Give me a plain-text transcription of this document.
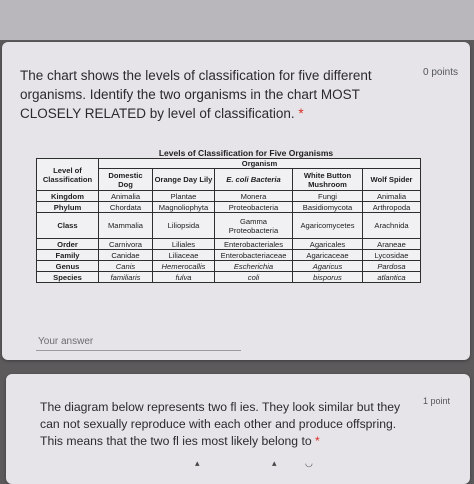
The chart shows the levels of classification for five different organisms. Identify the two organisms in the chart MOST CLOSELY RELATED by level of classification. *
0 points
Levels of Classification for Five Organisms
Level of Classification	Organism				
	Domestic Dog	Orange Day Lily	E. coli Bacteria	White Button Mushroom	Wolf Spider
Kingdom	Animalia	Plantae	Monera	Fungi	Animalia
Phylum	Chordata	Magnoliophyta	Proteobacteria	Basidiomycota	Arthropoda
Class	Mammalia	Liliopsida	Gamma Proteobacteria	Agaricomycetes	Arachnida
Order	Carnivora	Liliales	Enterobacteriales	Agaricales	Araneae
Family	Canidae	Liliaceae	Enterobacteriaceae	Agaricaceae	Lycosidae
Genus	Canis	Hemerocallis	Escherichia	Agaricus	Pardosa
Species	familiaris	fulva	coli	bisporus	atlantica
Your answer
The diagram below represents two fl ies. They look similar but they can not sexually reproduce with each other and produce offspring. This means that the two fl ies most likely belong to *
1 point
▴	▴	◡
